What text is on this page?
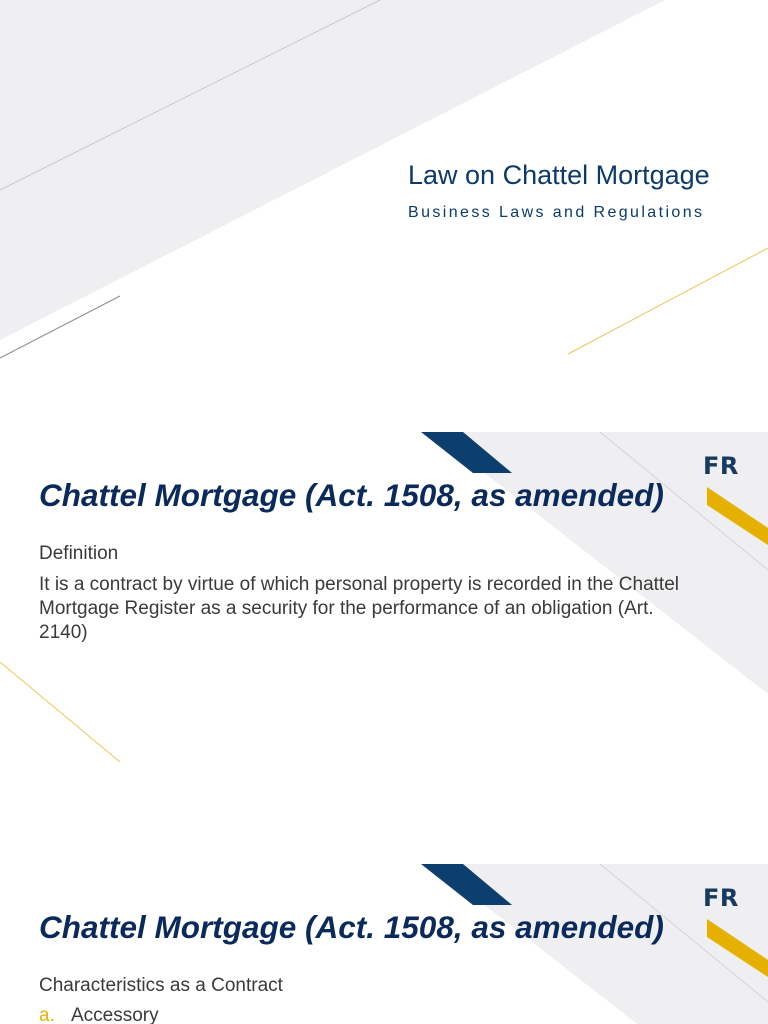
Law on Chattel Mortgage

Business Laws and Regulations

FR
Chattel Mortgage (Act. 1508, as amended)

Definition

It is a contract by virtue of which personal property is recorded in the Chattel Mortgage Register as a security for the performance of an obligation (Art. 2140)

FR
Chattel Mortgage (Act. 1508, as amended)

Characteristics as a Contract

a. Accessory
